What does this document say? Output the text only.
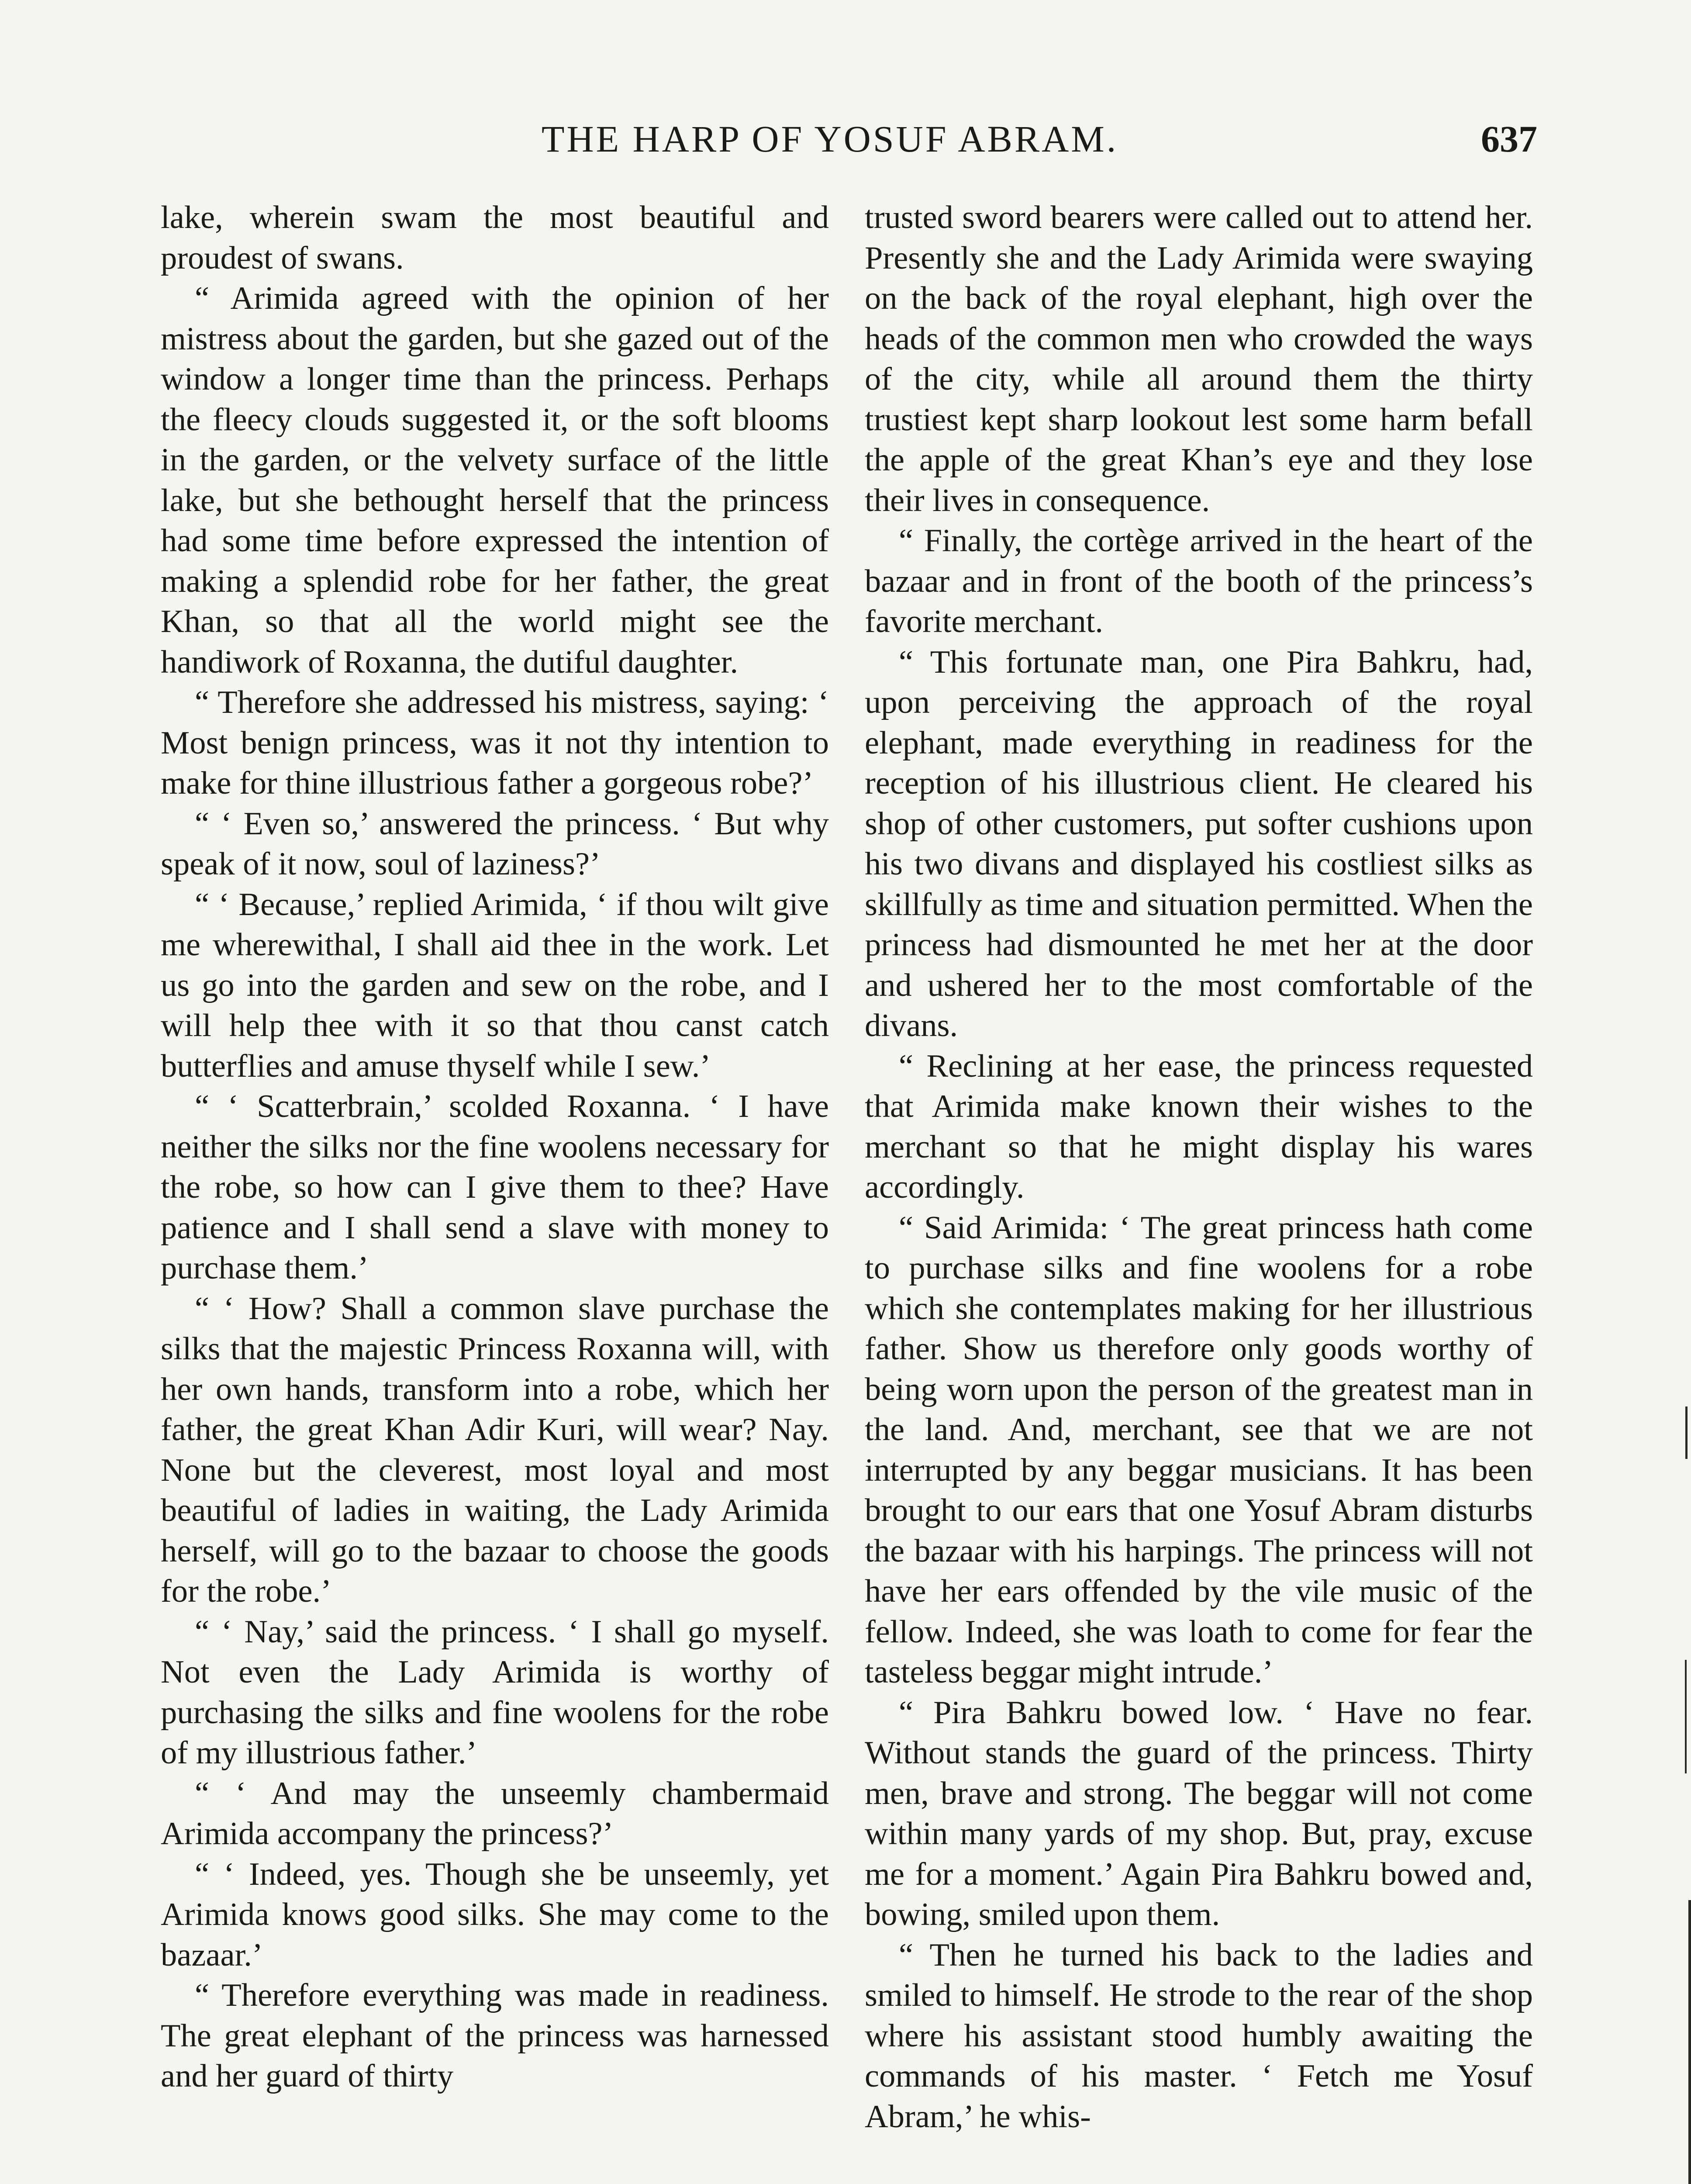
THE HARP OF YOSUF ABRAM.	637

lake, wherein swam the most beautiful and proudest of swans.

“ Arimida agreed with the opinion of her mistress about the garden, but she gazed out of the window a longer time than the princess. Perhaps the fleecy clouds suggested it, or the soft blooms in the garden, or the velvety surface of the little lake, but she bethought herself that the princess had some time before expressed the intention of making a splendid robe for her father, the great Khan, so that all the world might see the handiwork of Roxanna, the dutiful daughter.

“ Therefore she addressed his mistress, saying: ‘ Most benign princess, was it not thy intention to make for thine illustrious father a gorgeous robe?’

“ ‘ Even so,’ answered the princess. ‘ But why speak of it now, soul of laziness?’

“ ‘ Because,’ replied Arimida, ‘ if thou wilt give me wherewithal, I shall aid thee in the work. Let us go into the garden and sew on the robe, and I will help thee with it so that thou canst catch butterflies and amuse thyself while I sew.’

“ ‘ Scatterbrain,’ scolded Roxanna. ‘ I have neither the silks nor the fine woolens necessary for the robe, so how can I give them to thee? Have patience and I shall send a slave with money to purchase them.’

“ ‘ How? Shall a common slave purchase the silks that the majestic Princess Roxanna will, with her own hands, transform into a robe, which her father, the great Khan Adir Kuri, will wear? Nay. None but the cleverest, most loyal and most beautiful of ladies in waiting, the Lady Arimida herself, will go to the bazaar to choose the goods for the robe.’

“ ‘ Nay,’ said the princess. ‘ I shall go myself. Not even the Lady Arimida is worthy of purchasing the silks and fine woolens for the robe of my illustrious father.’

“ ‘ And may the unseemly chambermaid Arimida accompany the princess?’

“ ‘ Indeed, yes. Though she be unseemly, yet Arimida knows good silks. She may come to the bazaar.’

“ Therefore everything was made in readiness. The great elephant of the princess was harnessed and her guard of thirty

trusted sword bearers were called out to attend her. Presently she and the Lady Arimida were swaying on the back of the royal elephant, high over the heads of the common men who crowded the ways of the city, while all around them the thirty trustiest kept sharp lookout lest some harm befall the apple of the great Khan’s eye and they lose their lives in consequence.

“ Finally, the cortège arrived in the heart of the bazaar and in front of the booth of the princess’s favorite merchant.

“ This fortunate man, one Pira Bahkru, had, upon perceiving the approach of the royal elephant, made everything in readiness for the reception of his illustrious client. He cleared his shop of other customers, put softer cushions upon his two divans and displayed his costliest silks as skillfully as time and situation permitted. When the princess had dismounted he met her at the door and ushered her to the most comfortable of the divans.

“ Reclining at her ease, the princess requested that Arimida make known their wishes to the merchant so that he might display his wares accordingly.

“ Said Arimida: ‘ The great princess hath come to purchase silks and fine woolens for a robe which she contemplates making for her illustrious father. Show us therefore only goods worthy of being worn upon the person of the greatest man in the land. And, merchant, see that we are not interrupted by any beggar musicians. It has been brought to our ears that one Yosuf Abram disturbs the bazaar with his harpings. The princess will not have her ears offended by the vile music of the fellow. Indeed, she was loath to come for fear the tasteless beggar might intrude.’

“ Pira Bahkru bowed low. ‘ Have no fear. Without stands the guard of the princess. Thirty men, brave and strong. The beggar will not come within many yards of my shop. But, pray, excuse me for a moment.’ Again Pira Bahkru bowed and, bowing, smiled upon them.

“ Then he turned his back to the ladies and smiled to himself. He strode to the rear of the shop where his assistant stood humbly awaiting the commands of his master. ‘ Fetch me Yosuf Abram,’ he whis-
